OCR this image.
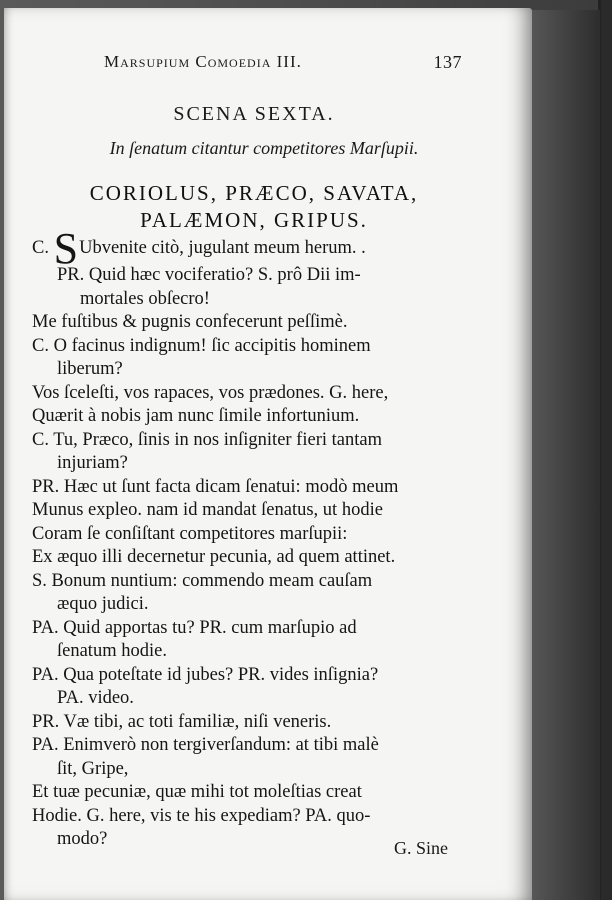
Marsupium Comoedia III.	137
SCENA SEXTA.
In ſenatum citantur competitores Marſupii.
CORIOLUS, PRÆCO, SAVATA,
PALÆMON, GRIPUS.
C. SUbvenite citò, jugulant meum herum. .
PR. Quid hæc vociferatio? S. prô Dii im-
mortales obſecro!
Me fuſtibus & pugnis confecerunt peſſimè.
C. O facinus indignum! ſic accipitis hominem
liberum?
Vos ſceleſti, vos rapaces, vos prædones. G. here,
Quærit à nobis jam nunc ſimile infortunium.
C. Tu, Præco, ſinis in nos inſigniter fieri tantam
injuriam?
PR. Hæc ut ſunt facta dicam ſenatui: modò meum
Munus expleo. nam id mandat ſenatus, ut hodie
Coram ſe conſiſtant competitores marſupii:
Ex æquo illi decernetur pecunia, ad quem attinet.
S. Bonum nuntium: commendo meam cauſam
æquo judici.
PA. Quid apportas tu? PR. cum marſupio ad
ſenatum hodie.
PA. Qua poteſtate id jubes? PR. vides inſignia?
PA. video.
PR. Væ tibi, ac toti familiæ, niſi veneris.
PA. Enimverò non tergiverſandum: at tibi malè
ſit, Gripe,
Et tuæ pecuniæ, quæ mihi tot moleſtias creat
Hodie. G. here, vis te his expediam? PA. quo-
modo?	G. Sine
